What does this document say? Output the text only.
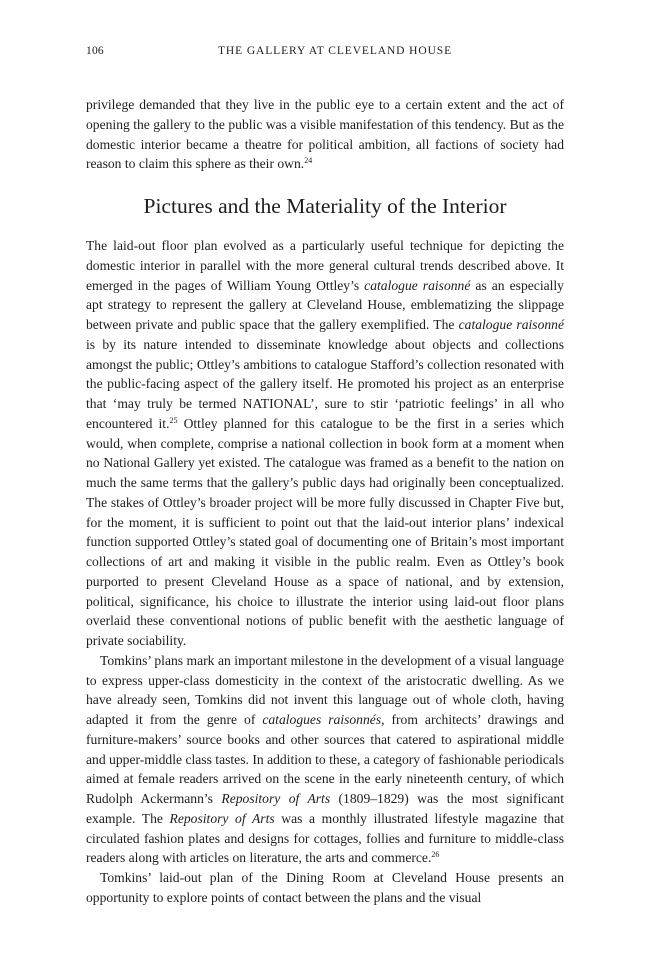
106	THE GALLERY AT CLEVELAND HOUSE

privilege demanded that they live in the public eye to a certain extent and the act of opening the gallery to the public was a visible manifestation of this tendency. But as the domestic interior became a theatre for political ambition, all factions of society had reason to claim this sphere as their own.$^{24}$

Pictures and the Materiality of the Interior

The laid-out floor plan evolved as a particularly useful technique for depicting the domestic interior in parallel with the more general cultural trends described above. It emerged in the pages of William Young Ottley’s catalogue raisonné as an especially apt strategy to represent the gallery at Cleveland House, emblematizing the slippage between private and public space that the gallery exemplified. The catalogue raisonné is by its nature intended to disseminate knowledge about objects and collections amongst the public; Ottley’s ambitions to catalogue Stafford’s collection resonated with the public-facing aspect of the gallery itself. He promoted his project as an enterprise that ‘may truly be termed NATIONAL’, sure to stir ‘patriotic feelings’ in all who encountered it.$^{25}$ Ottley planned for this catalogue to be the first in a series which would, when complete, comprise a national collection in book form at a moment when no National Gallery yet existed. The catalogue was framed as a benefit to the nation on much the same terms that the gallery’s public days had originally been conceptualized. The stakes of Ottley’s broader project will be more fully discussed in Chapter Five but, for the moment, it is sufficient to point out that the laid-out interior plans’ indexical function supported Ottley’s stated goal of documenting one of Britain’s most important collections of art and making it visible in the public realm. Even as Ottley’s book purported to present Cleveland House as a space of national, and by extension, political, significance, his choice to illustrate the interior using laid-out floor plans overlaid these conventional notions of public benefit with the aesthetic language of private sociability.

Tomkins’ plans mark an important milestone in the development of a visual language to express upper-class domesticity in the context of the aristocratic dwelling. As we have already seen, Tomkins did not invent this language out of whole cloth, having adapted it from the genre of catalogues raisonnés, from architects’ drawings and furniture-makers’ source books and other sources that catered to aspirational middle and upper-middle class tastes. In addition to these, a category of fashionable periodicals aimed at female readers arrived on the scene in the early nineteenth century, of which Rudolph Ackermann’s Repository of Arts (1809–1829) was the most significant example. The Repository of Arts was a monthly illustrated lifestyle magazine that circulated fashion plates and designs for cottages, follies and furniture to middle-class readers along with articles on literature, the arts and commerce.$^{26}$

Tomkins’ laid-out plan of the Dining Room at Cleveland House presents an opportunity to explore points of contact between the plans and the visual
